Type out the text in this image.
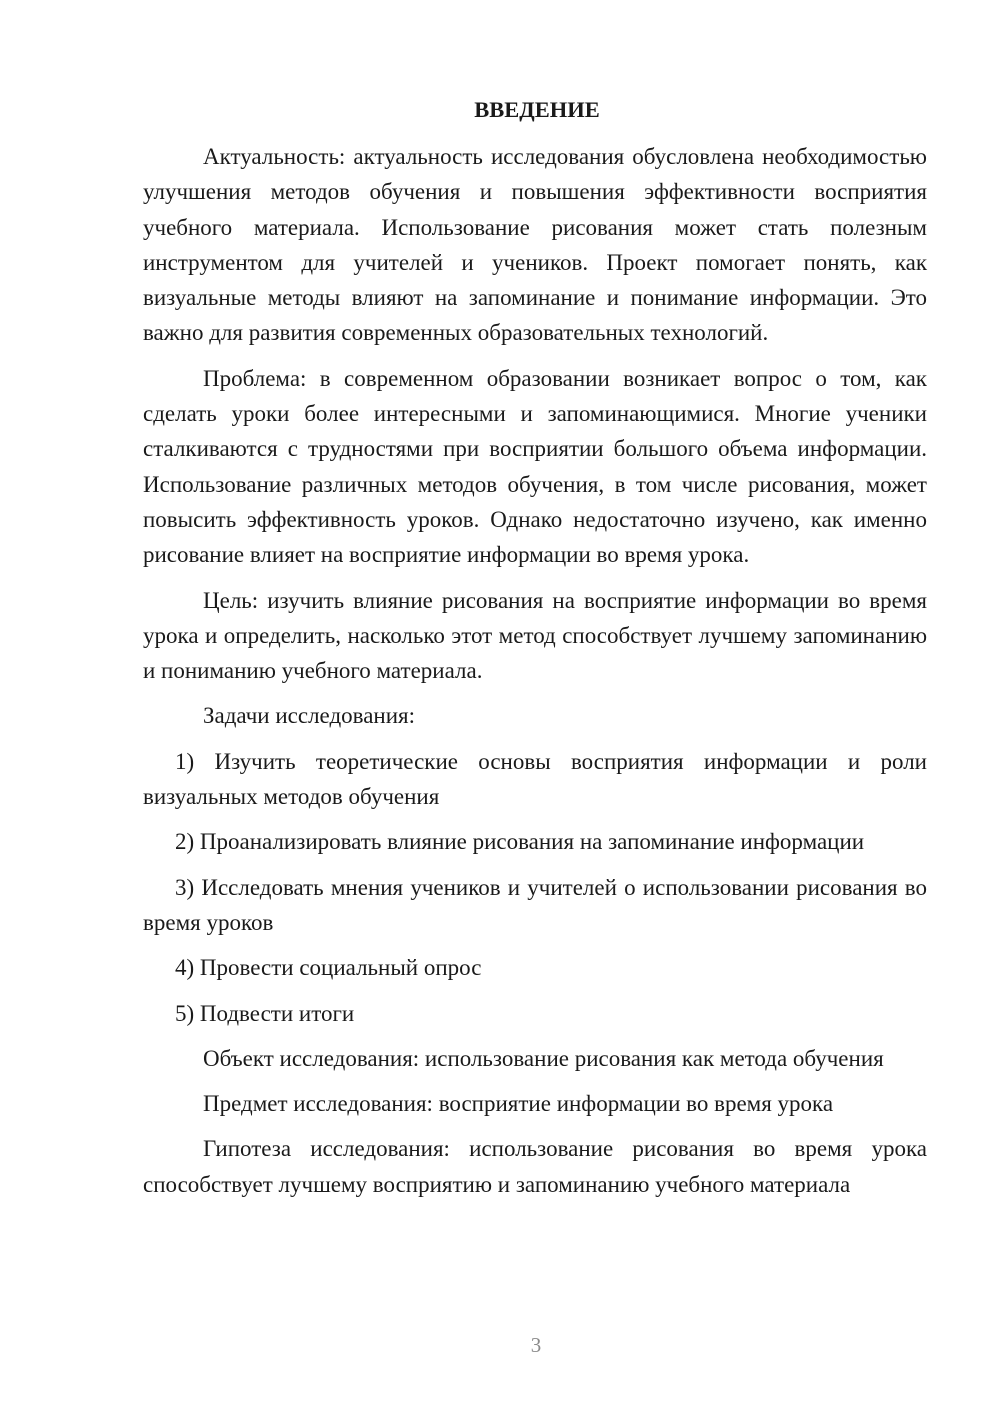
ВВЕДЕНИЕ

Актуальность: актуальность исследования обусловлена необходимостью улучшения методов обучения и повышения эффективности восприятия учебного материала. Использование рисования может стать полезным инструментом для учителей и учеников. Проект помогает понять, как визуальные методы влияют на запоминание и понимание информации. Это важно для развития современных образовательных технологий.

Проблема: в современном образовании возникает вопрос о том, как сделать уроки более интересными и запоминающимися. Многие ученики сталкиваются с трудностями при восприятии большого объема информации. Использование различных методов обучения, в том числе рисования, может повысить эффективность уроков. Однако недостаточно изучено, как именно рисование влияет на восприятие информации во время урока.

Цель: изучить влияние рисования на восприятие информации во время урока и определить, насколько этот метод способствует лучшему запоминанию и пониманию учебного материала.

Задачи исследования:

1) Изучить теоретические основы восприятия информации и роли визуальных методов обучения

2) Проанализировать влияние рисования на запоминание информации

3) Исследовать мнения учеников и учителей о использовании рисования во время уроков

4) Провести социальный опрос

5) Подвести итоги

Объект исследования: использование рисования как метода обучения

Предмет исследования: восприятие информации во время урока

Гипотеза исследования: использование рисования во время урока способствует лучшему восприятию и запоминанию учебного материала

3
